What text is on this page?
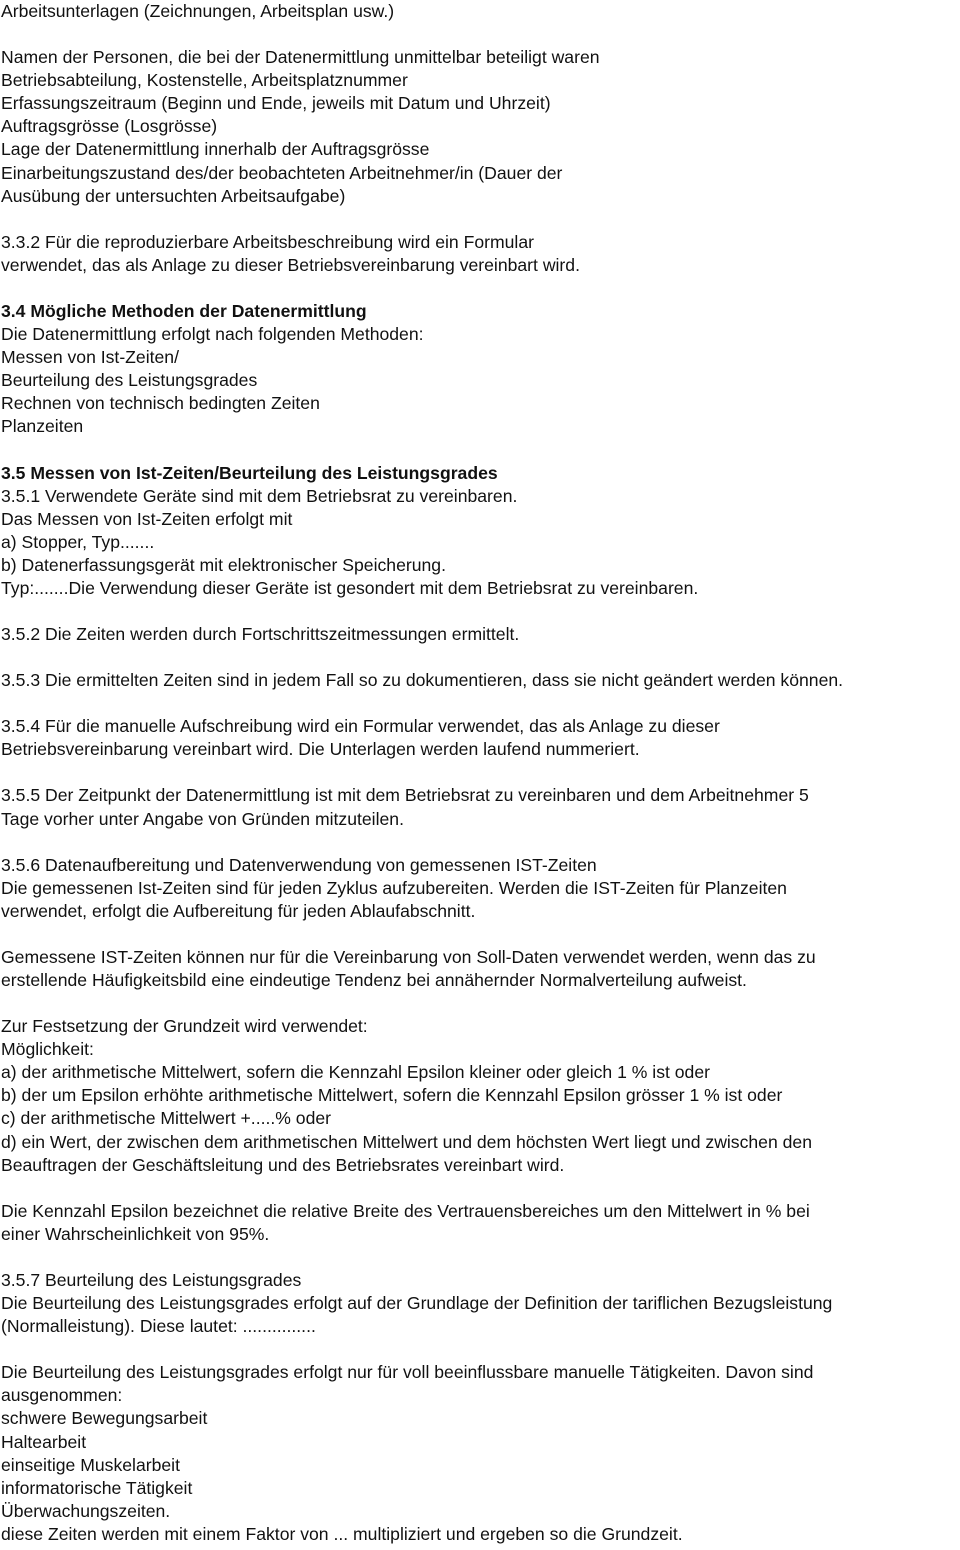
Arbeitsunterlagen (Zeichnungen, Arbeitsplan usw.)
Namen der Personen, die bei der Datenermittlung unmittelbar beteiligt waren
Betriebsabteilung, Kostenstelle, Arbeitsplatznummer
Erfassungszeitraum (Beginn und Ende, jeweils mit Datum und Uhrzeit)
Auftragsgrösse (Losgrösse)
Lage der Datenermittlung innerhalb der Auftragsgrösse
Einarbeitungszustand des/der beobachteten Arbeitnehmer/in (Dauer der
Ausübung der untersuchten Arbeitsaufgabe)
3.3.2 Für die reproduzierbare Arbeitsbeschreibung wird ein Formular
verwendet, das als Anlage zu dieser Betriebsvereinbarung vereinbart wird.
3.4 Mögliche Methoden der Datenermittlung
Die Datenermittlung erfolgt nach folgenden Methoden:
Messen von Ist-Zeiten/
Beurteilung des Leistungsgrades
Rechnen von technisch bedingten Zeiten
Planzeiten
3.5 Messen von Ist-Zeiten/Beurteilung des Leistungsgrades
3.5.1 Verwendete Geräte sind mit dem Betriebsrat zu vereinbaren.
Das Messen von Ist-Zeiten erfolgt mit
a) Stopper, Typ.......
b) Datenerfassungsgerät mit elektronischer Speicherung.
Typ:.......Die Verwendung dieser Geräte ist gesondert mit dem Betriebsrat zu vereinbaren.
3.5.2 Die Zeiten werden durch Fortschrittszeitmessungen ermittelt.
3.5.3 Die ermittelten Zeiten sind in jedem Fall so zu dokumentieren, dass sie nicht geändert werden können.
3.5.4 Für die manuelle Aufschreibung wird ein Formular verwendet, das als Anlage zu dieser
Betriebsvereinbarung vereinbart wird. Die Unterlagen werden laufend nummeriert.
3.5.5 Der Zeitpunkt der Datenermittlung ist mit dem Betriebsrat zu vereinbaren und dem Arbeitnehmer 5
Tage vorher unter Angabe von Gründen mitzuteilen.
3.5.6 Datenaufbereitung und Datenverwendung von gemessenen IST-Zeiten
Die gemessenen Ist-Zeiten sind für jeden Zyklus aufzubereiten. Werden die IST-Zeiten für Planzeiten
verwendet, erfolgt die Aufbereitung für jeden Ablaufabschnitt.
Gemessene IST-Zeiten können nur für die Vereinbarung von Soll-Daten verwendet werden, wenn das zu
erstellende Häufigkeitsbild eine eindeutige Tendenz bei annähernder Normalverteilung aufweist.
Zur Festsetzung der Grundzeit wird verwendet:
Möglichkeit:
a) der arithmetische Mittelwert, sofern die Kennzahl Epsilon kleiner oder gleich 1 % ist oder
b) der um Epsilon erhöhte arithmetische Mittelwert, sofern die Kennzahl Epsilon grösser 1 % ist oder
c) der arithmetische Mittelwert +.....% oder
d) ein Wert, der zwischen dem arithmetischen Mittelwert und dem höchsten Wert liegt und zwischen den
Beauftragen der Geschäftsleitung und des Betriebsrates vereinbart wird.
Die Kennzahl Epsilon bezeichnet die relative Breite des Vertrauensbereiches um den Mittelwert in % bei
einer Wahrscheinlichkeit von 95%.
3.5.7 Beurteilung des Leistungsgrades
Die Beurteilung des Leistungsgrades erfolgt auf der Grundlage der Definition der tariflichen Bezugsleistung
(Normalleistung). Diese lautet: ...............
Die Beurteilung des Leistungsgrades erfolgt nur für voll beeinflussbare manuelle Tätigkeiten. Davon sind
ausgenommen:
schwere Bewegungsarbeit
Haltearbeit
einseitige Muskelarbeit
informatorische Tätigkeit
Überwachungszeiten.
diese Zeiten werden mit einem Faktor von ... multipliziert und ergeben so die Grundzeit.
